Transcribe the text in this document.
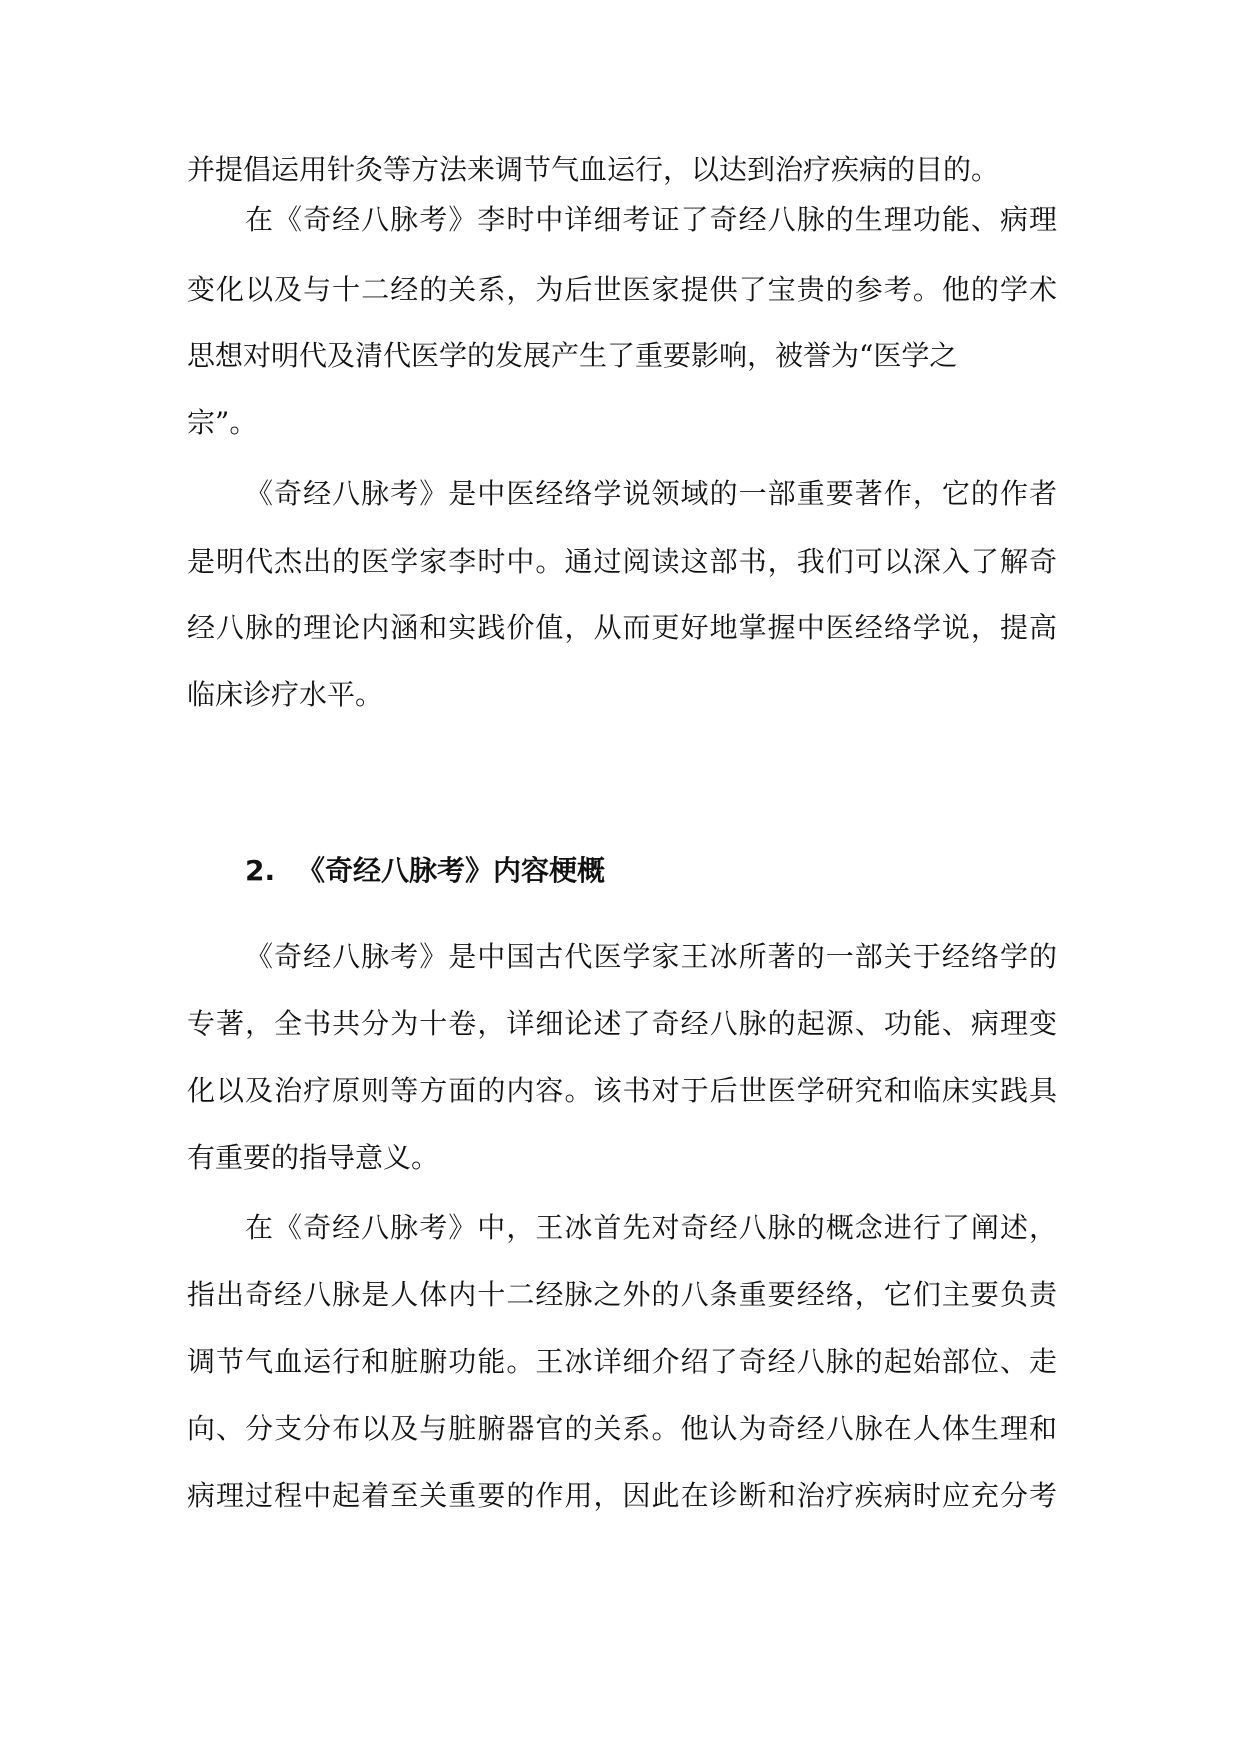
并提倡运用针灸等方法来调节气血运行，以达到治疗疾病的目的。
在《奇经八脉考》李时中详细考证了奇经八脉的生理功能、病理
变化以及与十二经的关系，为后世医家提供了宝贵的参考。他的学术
思想对明代及清代医学的发展产生了重要影响，被誉为“医学之
宗”。
《奇经八脉考》是中医经络学说领域的一部重要著作，它的作者
是明代杰出的医学家李时中。通过阅读这部书，我们可以深入了解奇
经八脉的理论内涵和实践价值，从而更好地掌握中医经络学说，提高
临床诊疗水平。
2. 《奇经八脉考》内容梗概
《奇经八脉考》是中国古代医学家王冰所著的一部关于经络学的
专著，全书共分为十卷，详细论述了奇经八脉的起源、功能、病理变
化以及治疗原则等方面的内容。该书对于后世医学研究和临床实践具
有重要的指导意义。
在《奇经八脉考》中，王冰首先对奇经八脉的概念进行了阐述，
指出奇经八脉是人体内十二经脉之外的八条重要经络，它们主要负责
调节气血运行和脏腑功能。王冰详细介绍了奇经八脉的起始部位、走
向、分支分布以及与脏腑器官的关系。他认为奇经八脉在人体生理和
病理过程中起着至关重要的作用，因此在诊断和治疗疾病时应充分考
